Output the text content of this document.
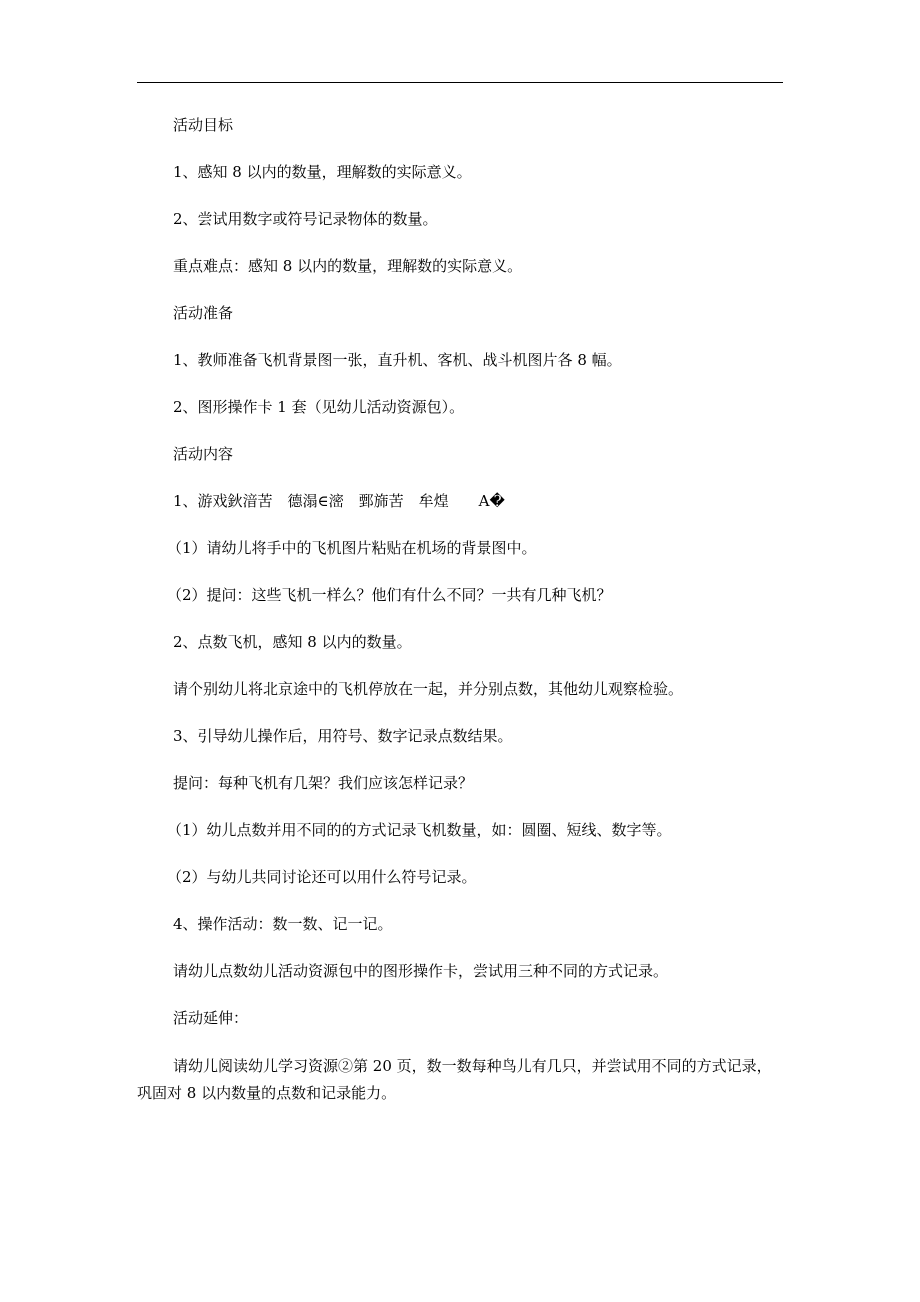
活动目标
1、感知 8 以内的数量，理解数的实际意义。
2、尝试用数字或符号记录物体的数量。
重点难点：感知 8 以内的数量，理解数的实际意义。
活动准备
1、教师准备飞机背景图一张，直升机、客机、战斗机图片各 8 幅。
2、图形操作卡 1 套（见幼儿活动资源包）。
活动内容
1、游戏鈥湆苦　德溻∈滵　鄄旆苦　牟煌　　A�
（1）请幼儿将手中的飞机图片粘贴在机场的背景图中。
（2）提问：这些飞机一样么？他们有什么不同？一共有几种飞机？
2、点数飞机，感知 8 以内的数量。
请个别幼儿将北京途中的飞机停放在一起，并分别点数，其他幼儿观察检验。
3、引导幼儿操作后，用符号、数字记录点数结果。
提问：每种飞机有几架？我们应该怎样记录？
（1）幼儿点数并用不同的的方式记录飞机数量，如：圆圈、短线、数字等。
（2）与幼儿共同讨论还可以用什么符号记录。
4、操作活动：数一数、记一记。
请幼儿点数幼儿活动资源包中的图形操作卡，尝试用三种不同的方式记录。
活动延伸：

请幼儿阅读幼儿学习资源②第 20 页，数一数每种鸟儿有几只，并尝试用不同的方式记录，巩固对 8 以内数量的点数和记录能力。
